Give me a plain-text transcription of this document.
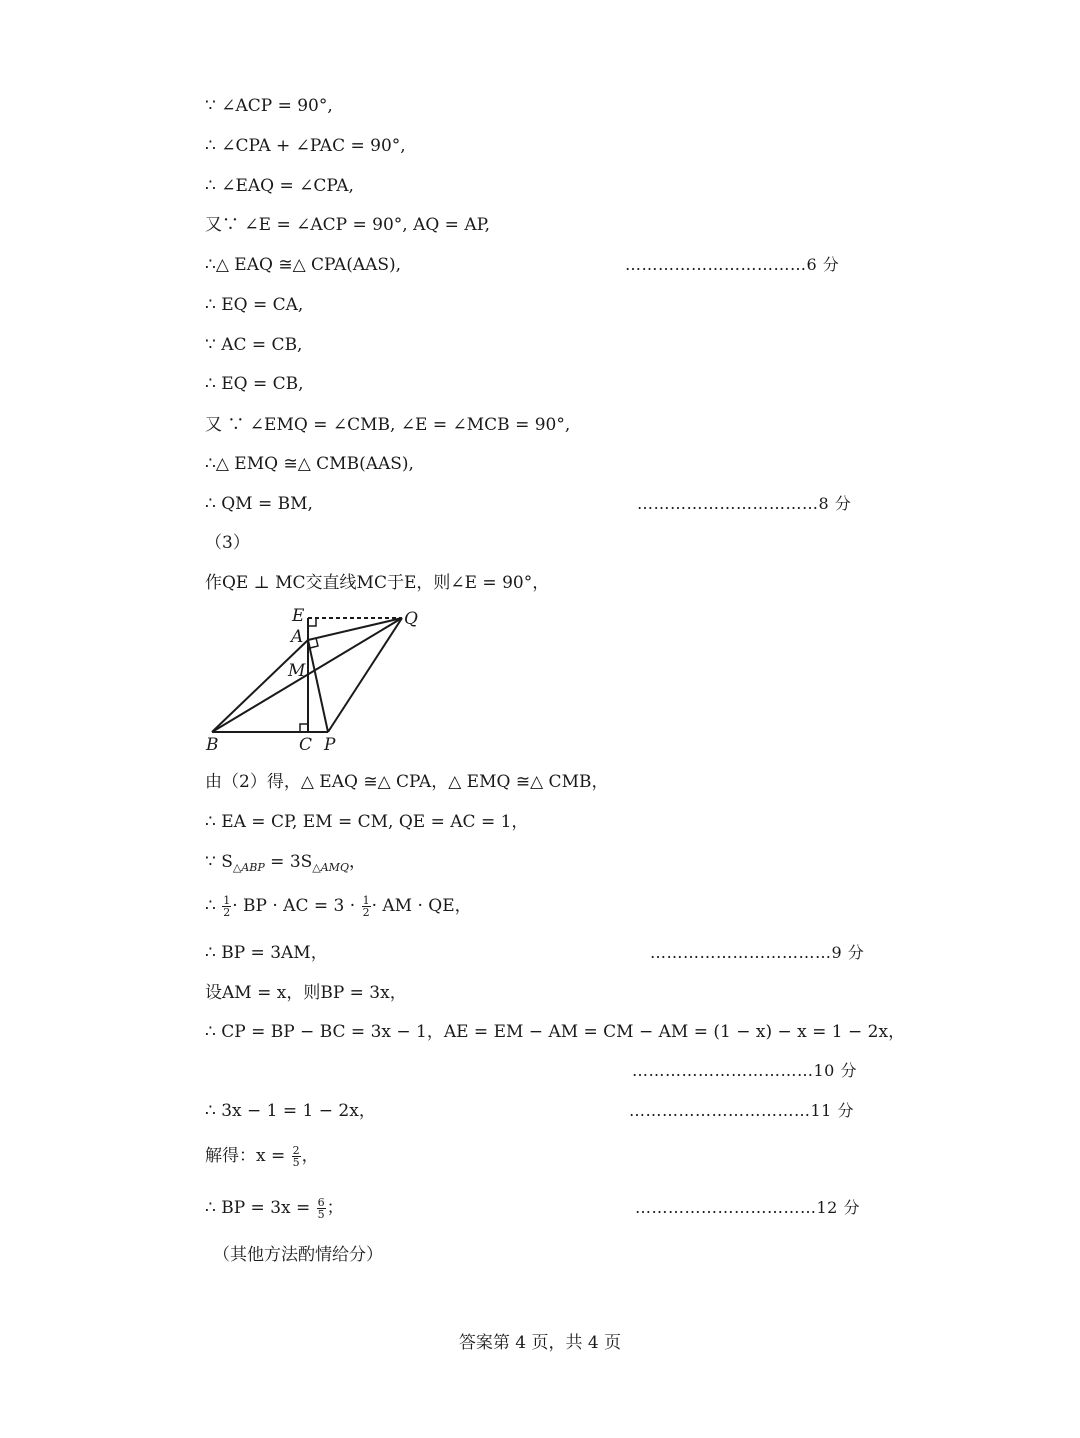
∵ ∠ACP = 90°,
∴ ∠CPA + ∠PAC = 90°,
∴ ∠EAQ = ∠CPA,
又∵ ∠E = ∠ACP = 90°, AQ = AP,
∴△ EAQ ≅△ CPA(AAS),	……………………………6 分
∴ EQ = CA,
∵ AC = CB,
∴ EQ = CB,
又 ∵ ∠EMQ = ∠CMB, ∠E = ∠MCB = 90°,
∴△ EMQ ≅△ CMB(AAS),
∴ QM = BM,	……………………………8 分
（3）
作QE ⊥ MC交直线MC于E，则∠E = 90°，
E
A
Q
M
B	C P
由（2）得，△ EAQ ≅△ CPA，△ EMQ ≅△ CMB，
∴ EA = CP, EM = CM, QE = AC = 1，
∵ $S_{\triangle ABP} = 3S_{\triangle AMQ}$，
∴ $\frac{1}{2}$ · BP · AC = $3 \cdot \frac{1}{2}$ · AM · QE，
∴ BP = 3AM，	……………………………9 分
设AM = x，则BP = 3x，
∴ CP = BP − BC = 3x − 1，AE = EM − AM = CM − AM = (1 − x) − x = 1 − 2x，
……………………………10 分
∴ 3x − 1 = 1 − 2x，	……………………………11 分
解得：$x = \frac{2}{5}$ ，
∴ BP = $3x = \frac{6}{5}$ ；	……………………………12 分
（其他方法酌情给分）
答案第 4 页，共 4 页
